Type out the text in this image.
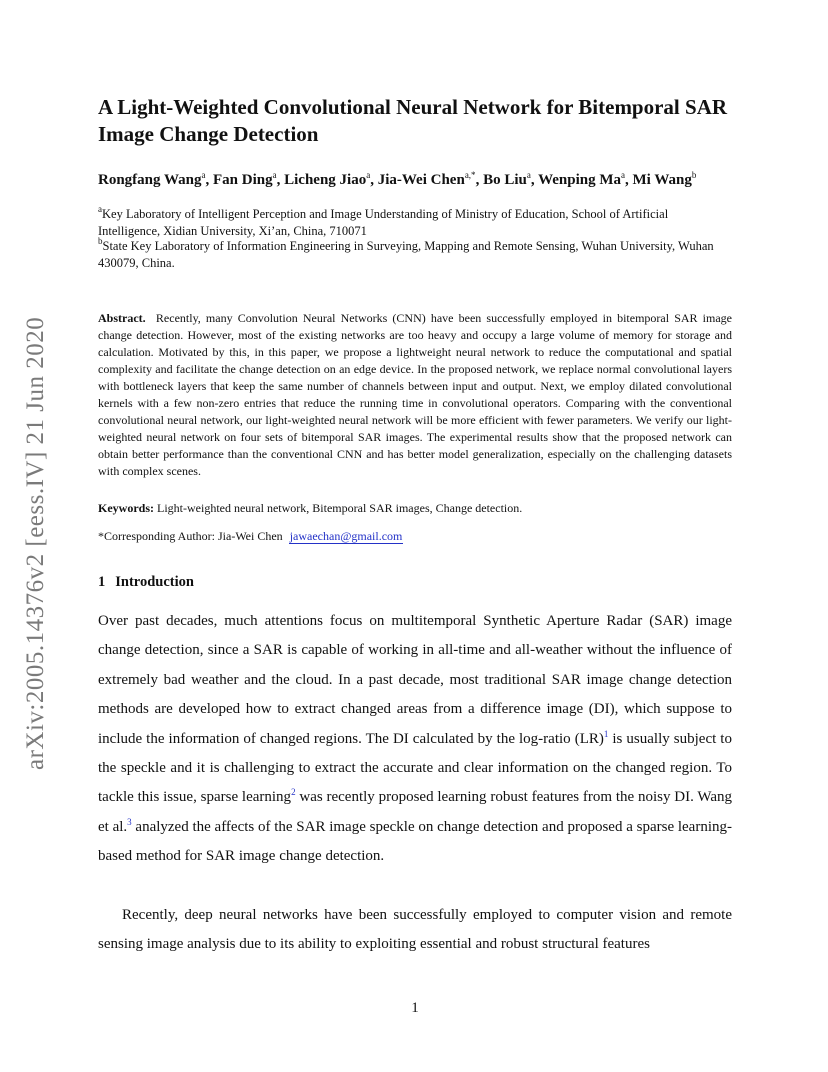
arXiv:2005.14376v2 [eess.IV] 21 Jun 2020
A Light-Weighted Convolutional Neural Network for Bitemporal SAR Image Change Detection
Rongfang Wang$^a$, Fan Ding$^a$, Licheng Jiao$^a$, Jia-Wei Chen$^{a,*}$, Bo Liu$^a$, Wenping Ma$^a$, Mi Wang$^b$
$^a$Key Laboratory of Intelligent Perception and Image Understanding of Ministry of Education, School of Artificial Intelligence, Xidian University, Xi’an, China, 710071
$^b$State Key Laboratory of Information Engineering in Surveying, Mapping and Remote Sensing, Wuhan University, Wuhan 430079, China.
Abstract. Recently, many Convolution Neural Networks (CNN) have been successfully employed in bitemporal SAR image change detection. However, most of the existing networks are too heavy and occupy a large volume of memory for storage and calculation. Motivated by this, in this paper, we propose a lightweight neural network to reduce the computational and spatial complexity and facilitate the change detection on an edge device. In the proposed network, we replace normal convolutional layers with bottleneck layers that keep the same number of channels between input and output. Next, we employ dilated convolutional kernels with a few non-zero entries that reduce the running time in convolutional operators. Comparing with the conventional convolutional neural network, our light-weighted neural network will be more efficient with fewer parameters. We verify our light-weighted neural network on four sets of bitemporal SAR images. The experimental results show that the proposed network can obtain better performance than the conventional CNN and has better model generalization, especially on the challenging datasets with complex scenes.
Keywords: Light-weighted neural network, Bitemporal SAR images, Change detection.
*Corresponding Author: Jia-Wei Chen jawaechan@gmail.com
1 Introduction
Over past decades, much attentions focus on multitemporal Synthetic Aperture Radar (SAR) image change detection, since a SAR is capable of working in all-time and all-weather without the influence of extremely bad weather and the cloud. In a past decade, most traditional SAR image change detection methods are developed how to extract changed areas from a difference image (DI), which suppose to include the information of changed regions. The DI calculated by the log-ratio (LR)$^1$ is usually subject to the speckle and it is challenging to extract the accurate and clear information on the changed region. To tackle this issue, sparse learning$^2$ was recently proposed learning robust features from the noisy DI. Wang et al.$^3$ analyzed the affects of the SAR image speckle on change detection and proposed a sparse learning-based method for SAR image change detection.
Recently, deep neural networks have been successfully employed to computer vision and remote sensing image analysis due to its ability to exploiting essential and robust structural features
1
